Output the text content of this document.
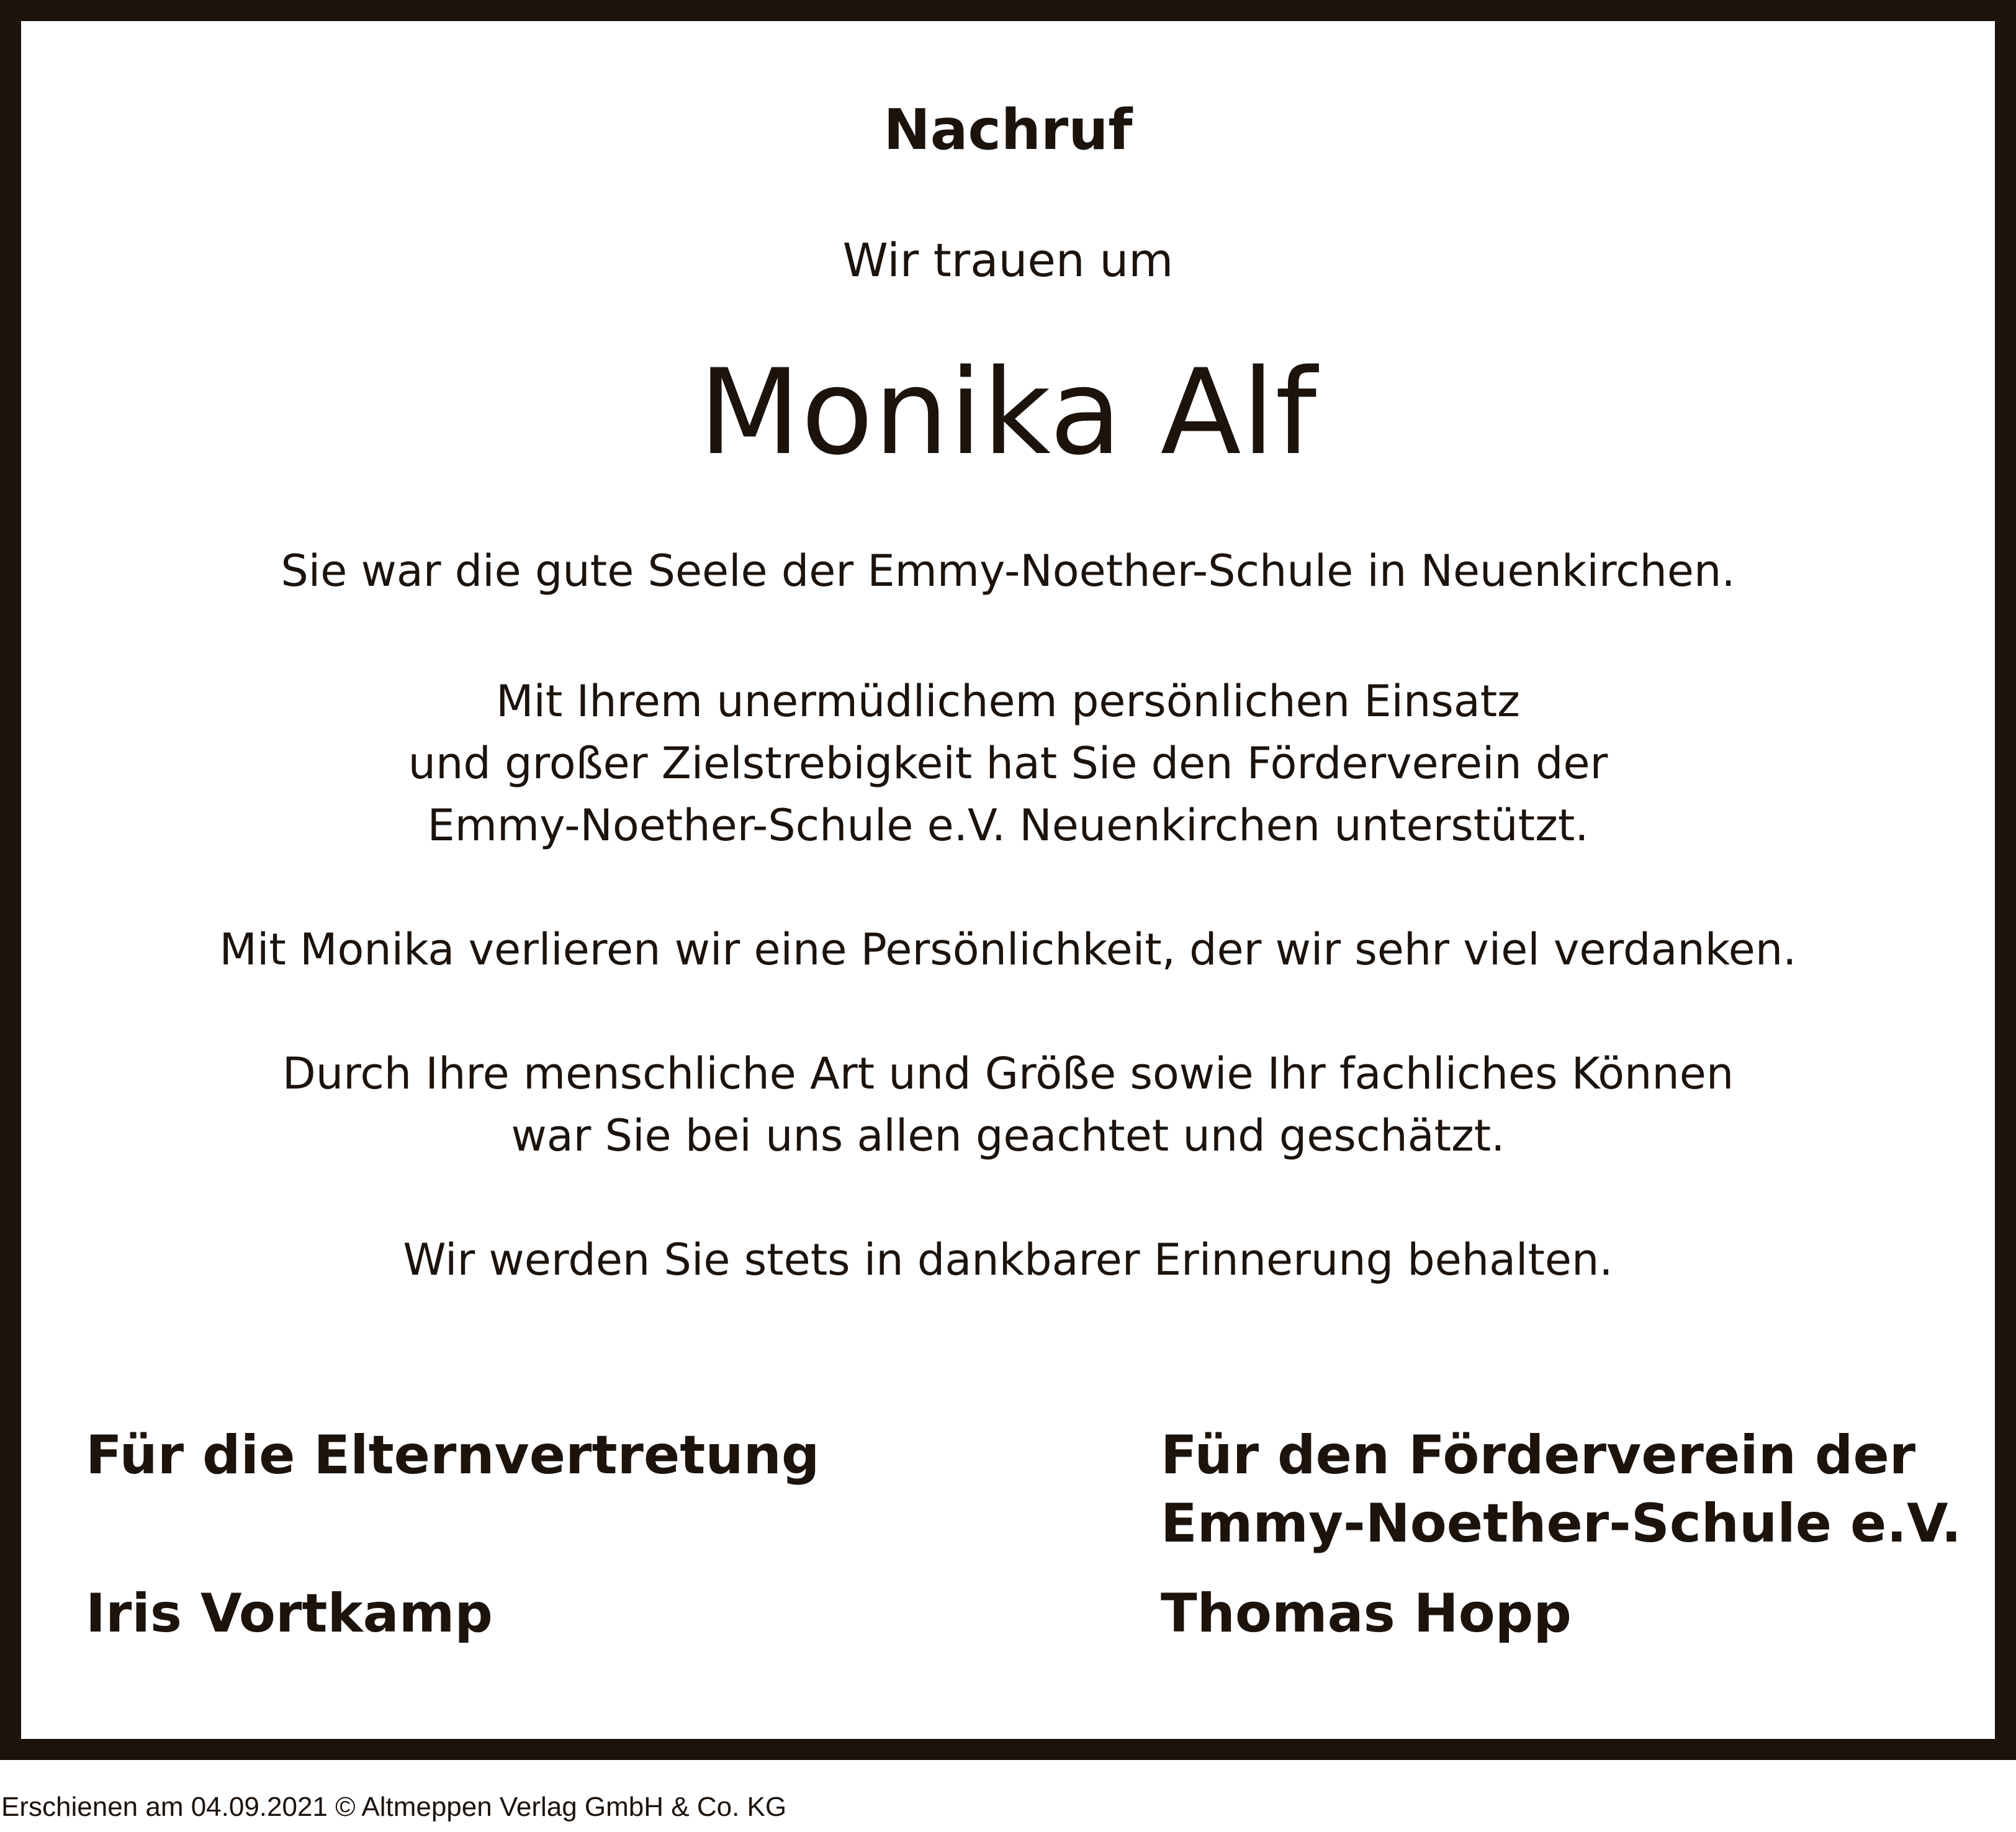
Nachruf
Wir trauen um
Monika Alf
Sie war die gute Seele der Emmy-Noether-Schule in Neuenkirchen.
Mit Ihrem unermüdlichem persönlichen Einsatz
und großer Zielstrebigkeit hat Sie den Förderverein der
Emmy-Noether-Schule e.V. Neuenkirchen unterstützt.
Mit Monika verlieren wir eine Persönlichkeit, der wir sehr viel verdanken.
Durch Ihre menschliche Art und Größe sowie Ihr fachliches Können
war Sie bei uns allen geachtet und geschätzt.
Wir werden Sie stets in dankbarer Erinnerung behalten.
Für die Elternvertretung
Iris Vortkamp
Für den Förderverein der
Emmy-Noether-Schule e.V.
Thomas Hopp
Erschienen am 04.09.2021 © Altmeppen Verlag GmbH & Co. KG
